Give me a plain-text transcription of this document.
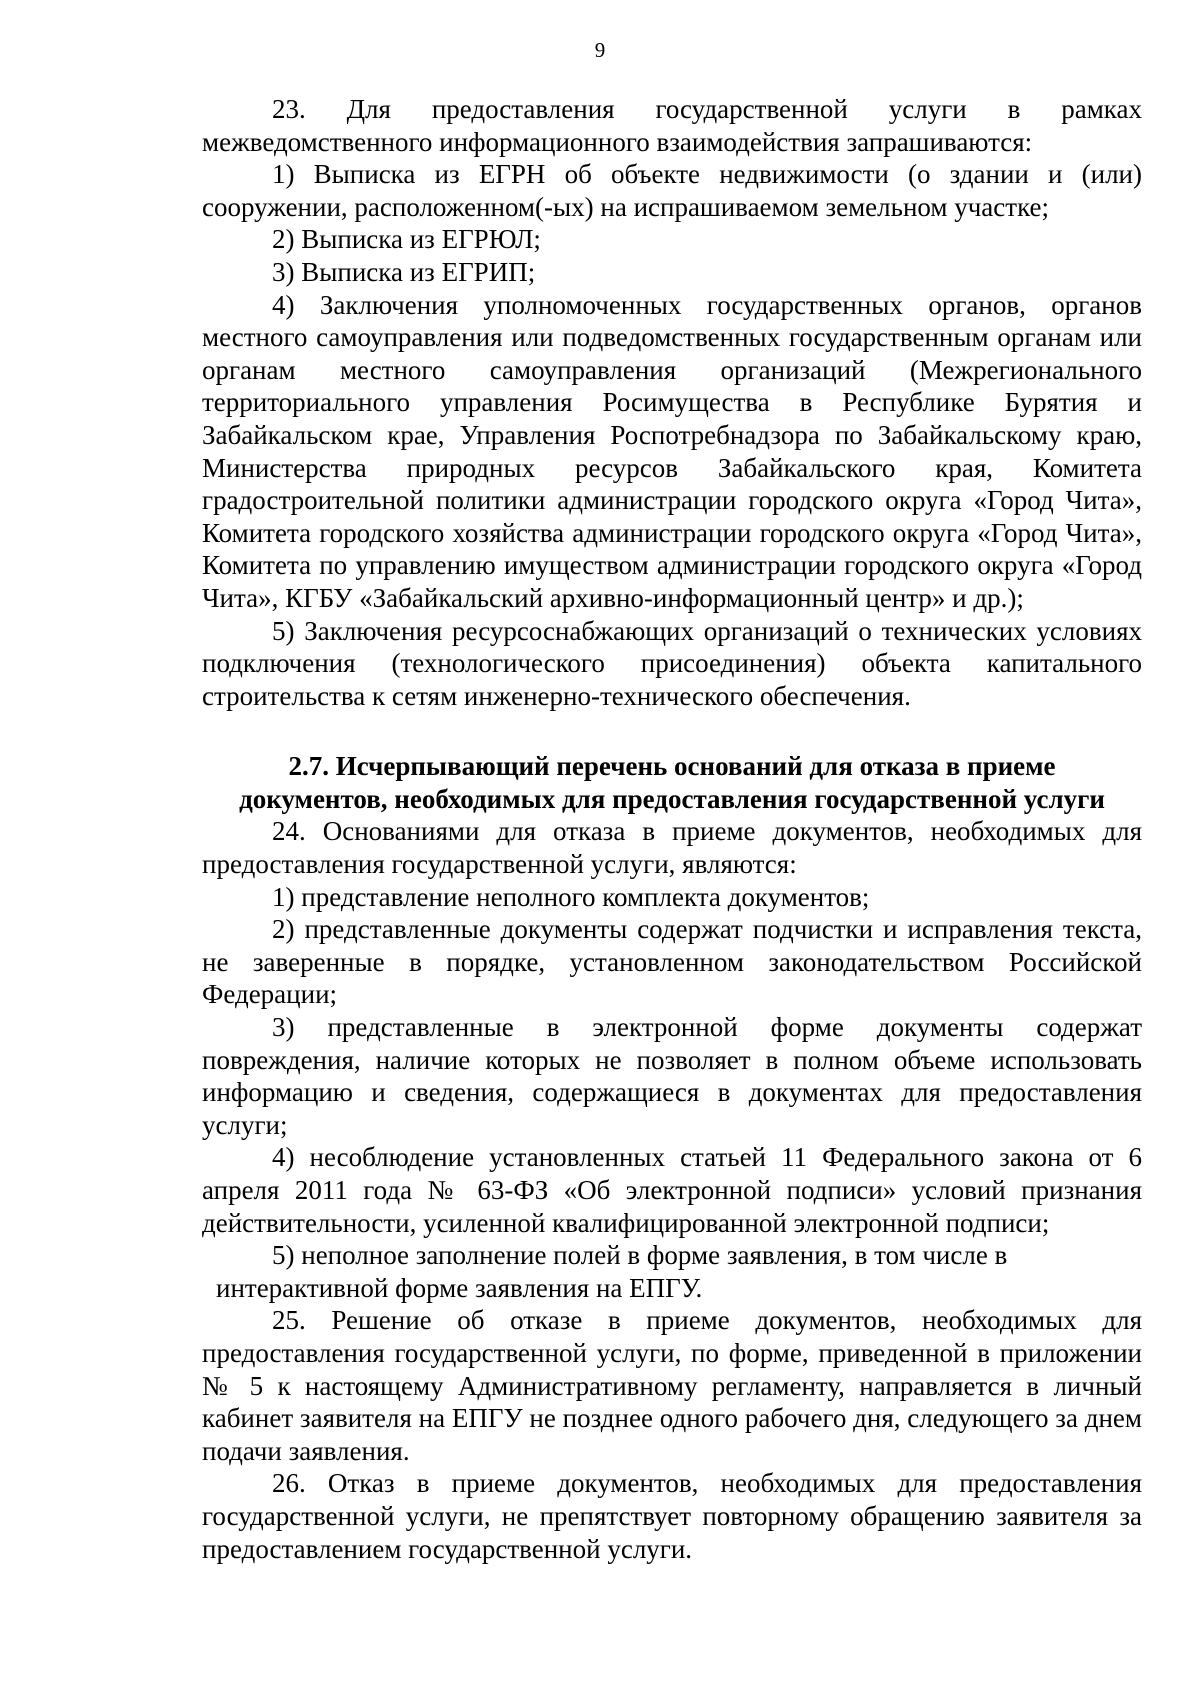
9

23. Для предоставления государственной услуги в рамках межведомственного информационного взаимодействия запрашиваются:

1) Выписка из ЕГРН об объекте недвижимости (о здании и (или) сооружении, расположенном(-ых) на испрашиваемом земельном участке;

2) Выписка из ЕГРЮЛ;

3) Выписка из ЕГРИП;

4) Заключения уполномоченных государственных органов, органов местного самоуправления или подведомственных государственным органам или органам местного самоуправления организаций (Межрегионального территориального управления Росимущества в Республике Бурятия и Забайкальском крае, Управления Роспотребнадзора по Забайкальскому краю, Министерства природных ресурсов Забайкальского края, Комитета градостроительной политики администрации городского округа «Город Чита», Комитета городского хозяйства администрации городского округа «Город Чита», Комитета по управлению имуществом администрации городского округа «Город Чита», КГБУ «Забайкальский архивно-информационный центр» и др.);

5) Заключения ресурсоснабжающих организаций о технических условиях подключения (технологического присоединения) объекта капитального строительства к сетям инженерно-технического обеспечения.

2.7. Исчерпывающий перечень оснований для отказа в приеме
документов, необходимых для предоставления государственной услуги

24. Основаниями для отказа в приеме документов, необходимых для предоставления государственной услуги, являются:

1) представление неполного комплекта документов;

2) представленные документы содержат подчистки и исправления текста, не заверенные в порядке, установленном законодательством Российской Федерации;

3) представленные в электронной форме документы содержат повреждения, наличие которых не позволяет в полном объеме использовать информацию и сведения, содержащиеся в документах для предоставления услуги;

4) несоблюдение установленных статьей 11 Федерального закона от 6 апреля 2011 года № 63-ФЗ «Об электронной подписи» условий признания действительности, усиленной квалифицированной электронной подписи;

5) неполное заполнение полей в форме заявления, в том числе в

интерактивной форме заявления на ЕПГУ.

25. Решение об отказе в приеме документов, необходимых для предоставления государственной услуги, по форме, приведенной в приложении № 5 к настоящему Административному регламенту, направляется в личный кабинет заявителя на ЕПГУ не позднее одного рабочего дня, следующего за днем подачи заявления.

26. Отказ в приеме документов, необходимых для предоставления государственной услуги, не препятствует повторному обращению заявителя за предоставлением государственной услуги.
